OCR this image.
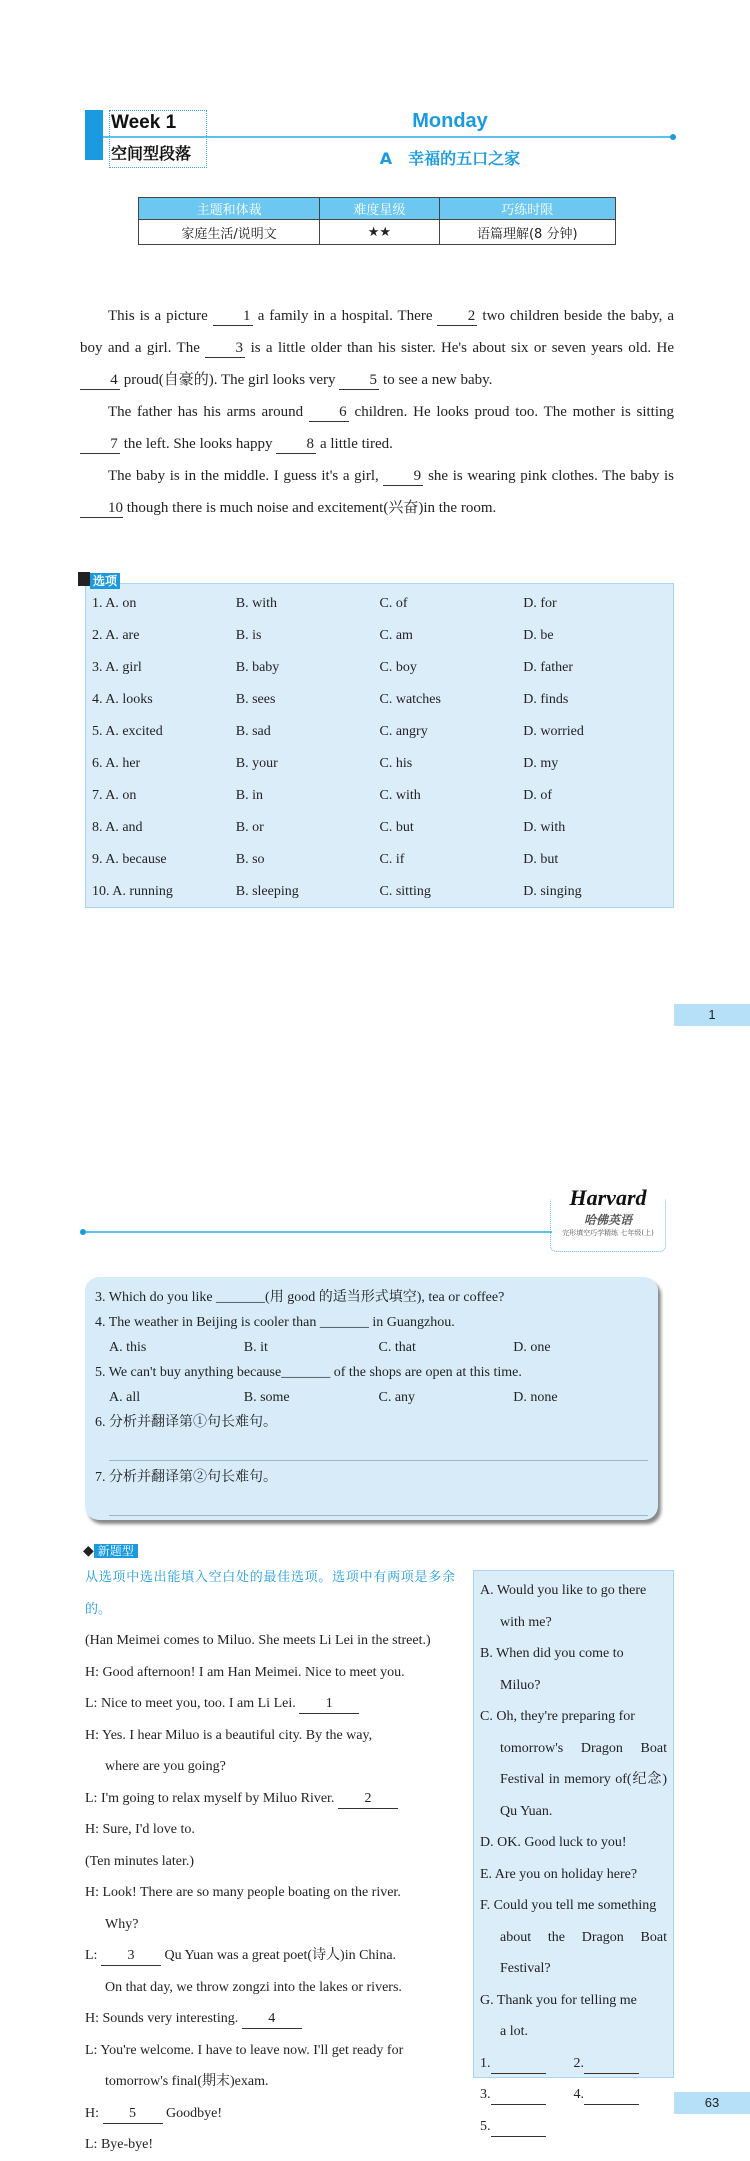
Week 1
空间型段落
Monday
A　幸福的五口之家
主题和体裁	难度星级	巧练时限
家庭生活/说明文	★★	语篇理解(8 分钟)

This is a picture 1 a family in a hospital. There 2 two children beside the baby, a boy and a girl. The 3 is a little older than his sister. He's about six or seven years old. He 4 proud(自豪的). The girl looks very 5 to see a new baby.

The father has his arms around 6 children. He looks proud too. The mother is sitting 7 the left. She looks happy 8 a little tired.

The baby is in the middle. I guess it's a girl, 9 she is wearing pink clothes. The baby is 10 though there is much noise and excitement(兴奋)in the room.

1. A. on	B. with	C. of	D. for
2. A. are	B. is	C. am	D. be
3. A. girl	B. baby	C. boy	D. father
4. A. looks	B. sees	C. watches	D. finds
5. A. excited	B. sad	C. angry	D. worried
6. A. her	B. your	C. his	D. my
7. A. on	B. in	C. with	D. of
8. A. and	B. or	C. but	D. with
9. A. because	B. so	C. if	D. but
10. A. running	B. sleeping	C. sitting	D. singing
选项
1
Harvard
哈佛英语
完形填空巧学精练 七年级(上)
3. Which do you like _______(用 good 的适当形式填空), tea or coffee?
4. The weather in Beijing is cooler than _______ in Guangzhou.
A. this	B. it	C. that	D. one
5. We can't buy anything because_______ of the shops are open at this time.
A. all	B. some	C. any	D. none
6. 分析并翻译第①句长难句。
7. 分析并翻译第②句长难句。
◆ 新题型
从选项中选出能填入空白处的最佳选项。选项中有两项是多余的。
(Han Meimei comes to Miluo. She meets Li Lei in the street.)
H: Good afternoon! I am Han Meimei. Nice to meet you.
L: Nice to meet you, too. I am Li Lei. 1
H: Yes. I hear Miluo is a beautiful city. By the way,
where are you going?
L: I'm going to relax myself by Miluo River. 2
H: Sure, I'd love to.
(Ten minutes later.)
H: Look! There are so many people boating on the river.
Why?
L: 3 Qu Yuan was a great poet(诗人)in China.
On that day, we throw zongzi into the lakes or rivers.
H: Sounds very interesting. 4
L: You're welcome. I have to leave now. I'll get ready for
tomorrow's final(期末)exam.
H: 5 Goodbye!
L: Bye-bye!
A. Would you like to go there
with me?
B. When did you come to
Miluo?
C. Oh, they're preparing for
tomorrow's Dragon Boat Festival in memory of(纪念) Qu Yuan.
D. OK. Good luck to you!
E. Are you on holiday here?
F. Could you tell me something
about the Dragon Boat Festival?
G. Thank you for telling me
a lot.
1.	2.
3.	4.
5.
63
